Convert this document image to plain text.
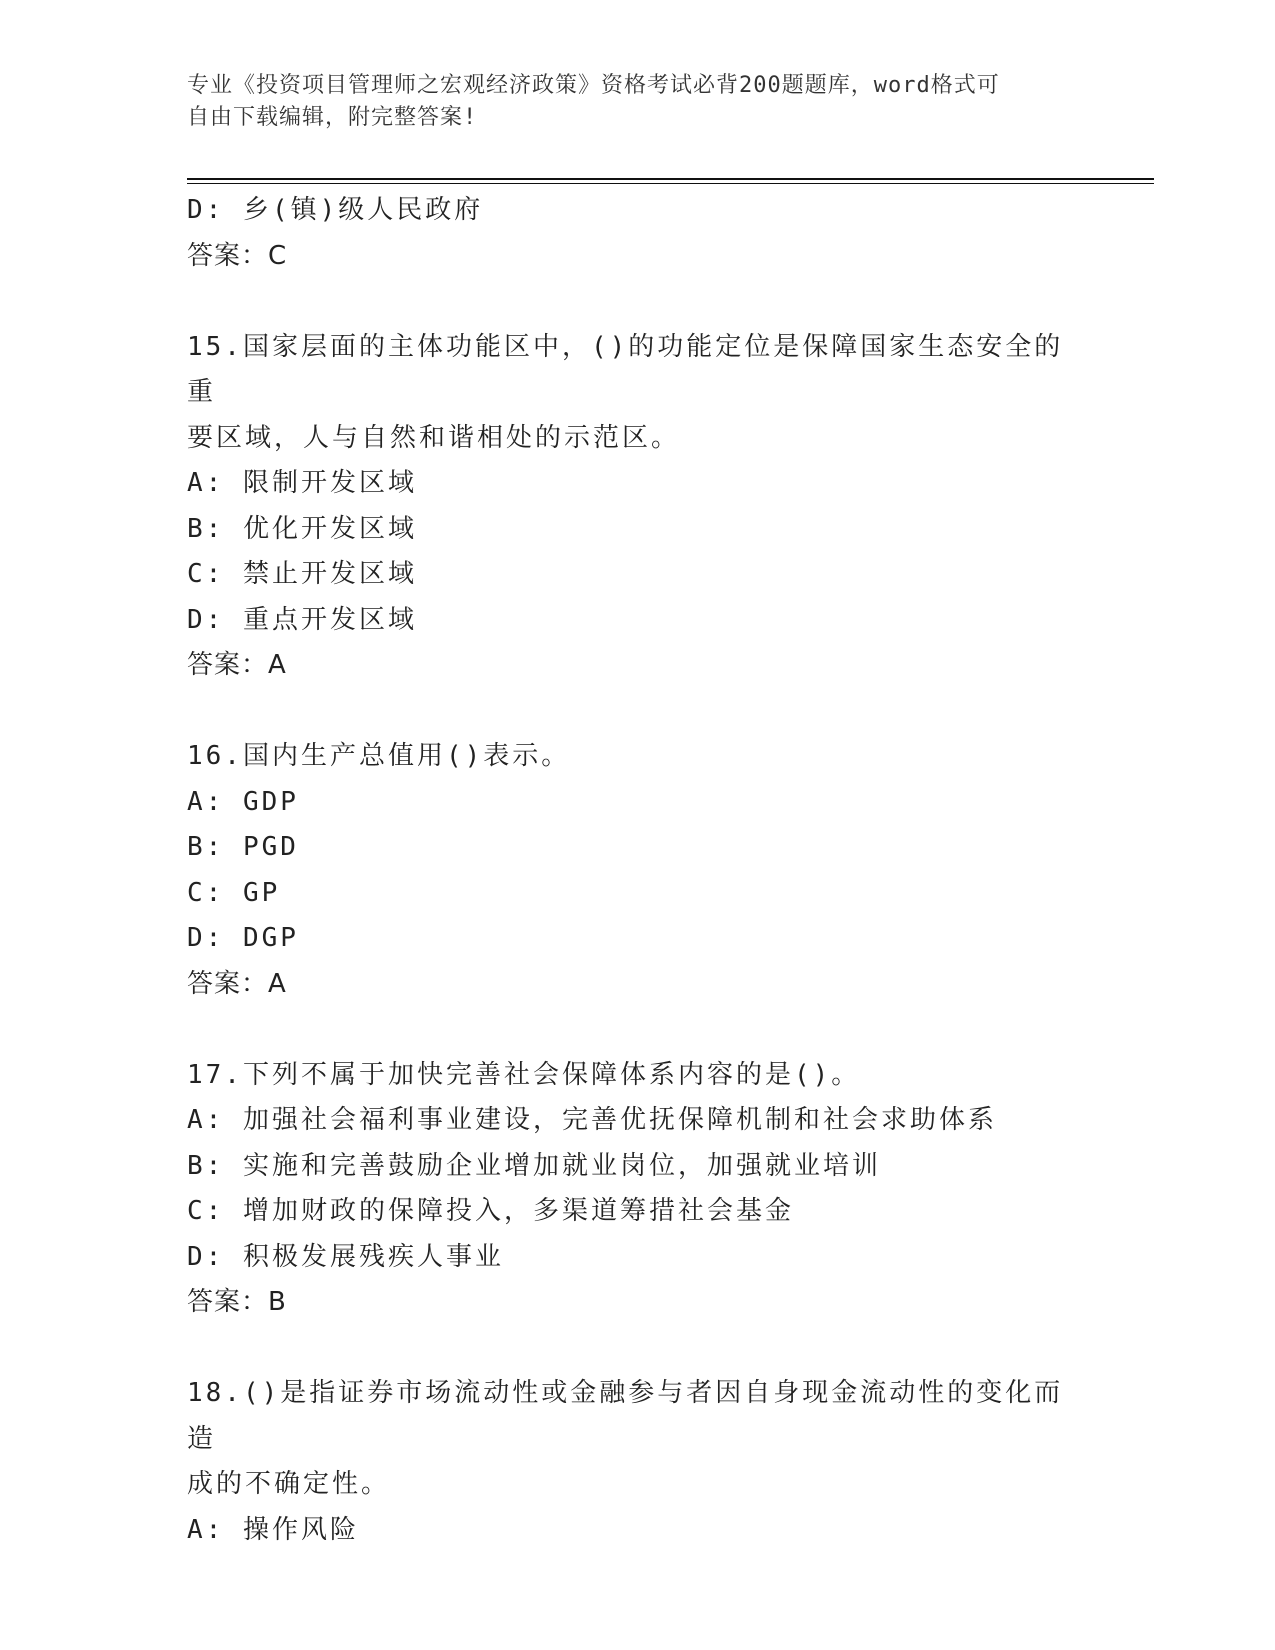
专业《投资项目管理师之宏观经济政策》资格考试必背200题题库，word格式可
自由下载编辑，附完整答案!
D: 乡(镇)级人民政府
答案：C
15.国家层面的主体功能区中，()的功能定位是保障国家生态安全的重
要区域，人与自然和谐相处的示范区。
A: 限制开发区域
B: 优化开发区域
C: 禁止开发区域
D: 重点开发区域
答案：A
16.国内生产总值用()表示。
A: GDP
B: PGD
C: GP
D: DGP
答案：A
17.下列不属于加快完善社会保障体系内容的是()。
A: 加强社会福利事业建设，完善优抚保障机制和社会求助体系
B: 实施和完善鼓励企业增加就业岗位，加强就业培训
C: 增加财政的保障投入，多渠道筹措社会基金
D: 积极发展残疾人事业
答案：B
18.()是指证券市场流动性或金融参与者因自身现金流动性的变化而造
成的不确定性。
A: 操作风险
